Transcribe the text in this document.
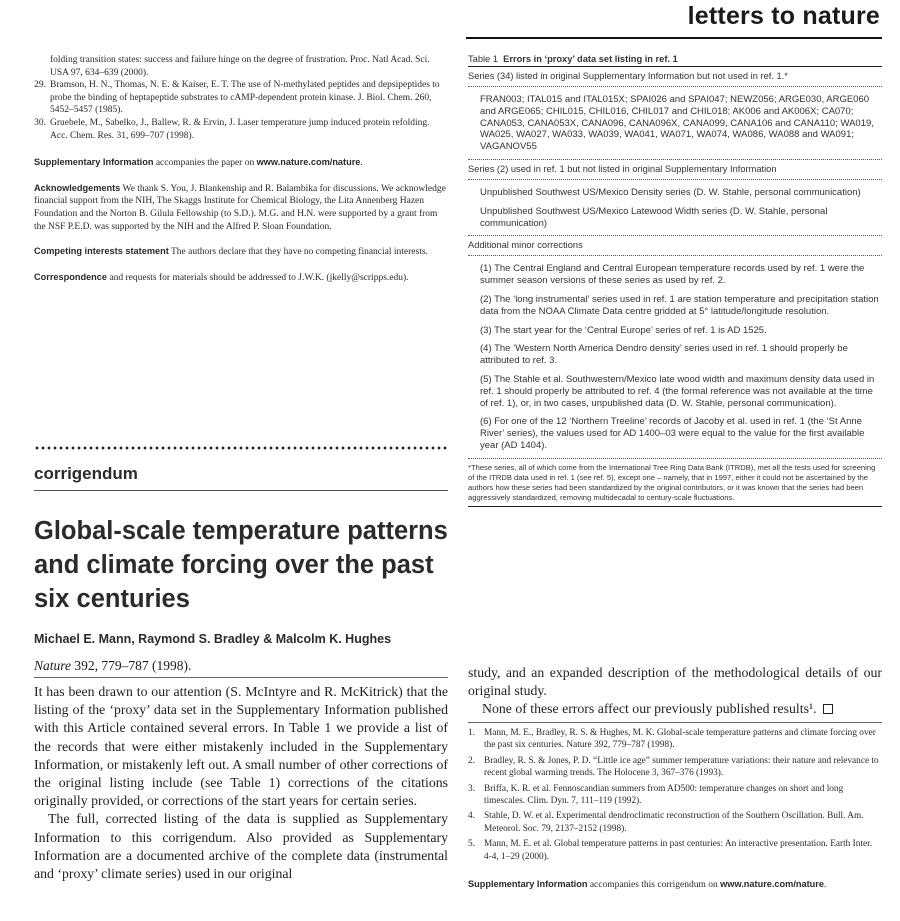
letters to nature
folding transition states: success and failure hinge on the degree of frustration. Proc. Natl Acad. Sci. USA 97, 634–639 (2000).
29. Bramson, H. N., Thomas, N. E. & Kaiser, E. T. The use of N-methylated peptides and depsipeptides to probe the binding of heptapeptide substrates to cAMP-dependent protein kinase. J. Biol. Chem. 260, 5452–5457 (1985).
30. Gruebele, M., Sabelko, J., Ballew, R. & Ervin, J. Laser temperature jump induced protein refolding. Acc. Chem. Res. 31, 699–707 (1998).
Supplementary Information accompanies the paper on www.nature.com/nature.
Acknowledgements We thank S. You, J. Blankenship and R. Balambika for discussions. We acknowledge financial support from the NIH, The Skaggs Institute for Chemical Biology, the Lita Annenberg Hazen Foundation and the Norton B. Gilula Fellowship (to S.D.). M.G. and H.N. were supported by a grant from the NSF P.E.D. was supported by the NIH and the Alfred P. Sloan Foundation.
Competing interests statement The authors declare that they have no competing financial interests.
Correspondence and requests for materials should be addressed to J.W.K. (jkelly@scripps.edu).
corrigendum
Global-scale temperature patterns and climate forcing over the past six centuries
Michael E. Mann, Raymond S. Bradley & Malcolm K. Hughes
Nature 392, 779–787 (1998).

It has been drawn to our attention (S. McIntyre and R. McKitrick) that the listing of the ‘proxy’ data set in the Supplementary Information published with this Article contained several errors. In Table 1 we provide a list of the records that were either mistakenly included in the Supplementary Information, or mistakenly left out. A small number of other corrections of the original listing include (see Table 1) corrections of the citations originally provided, or corrections of the start years for certain series.

The full, corrected listing of the data is supplied as Supplementary Information to this corrigendum. Also provided as Supplementary Information are a documented archive of the complete data (instrumental and ‘proxy’ climate series) used in our original

Table 1 Errors in ‘proxy’ data set listing in ref. 1
Series (34) listed in original Supplementary Information but not used in ref. 1.*
FRAN003; ITAL015 and ITAL015X; SPAI026 and SPAI047; NEWZ056; ARGE030, ARGE060 and ARGE065; CHIL015, CHIL016, CHIL017 and CHIL018; AK006 and AK006X; CA070; CANA053, CANA053X, CANA096, CANA096X, CANA099, CANA106 and CANA110; WA019, WA025, WA027, WA033, WA039, WA041, WA071, WA074, WA086, WA088 and WA091; VAGANOV55
Series (2) used in ref. 1 but not listed in original Supplementary Information
Unpublished Southwest US/Mexico Density series (D. W. Stahle, personal communication)
Unpublished Southwest US/Mexico Latewood Width series (D. W. Stahle, personal communication)
Additional minor corrections
(1) The Central England and Central European temperature records used by ref. 1 were the summer season versions of these series as used by ref. 2.
(2) The ‘long instrumental’ series used in ref. 1 are station temperature and precipitation station data from the NOAA Climate Data centre gridded at 5° latitude/longitude resolution.
(3) The start year for the ‘Central Europe’ series of ref. 1 is AD 1525.
(4) The ‘Western North America Dendro density’ series used in ref. 1 should properly be attributed to ref. 3.
(5) The Stahle et al. Southwestern/Mexico late wood width and maximum density data used in ref. 1 should properly be attributed to ref. 4 (the formal reference was not available at the time of ref. 1), or, in two cases, unpublished data (D. W. Stahle, personal communication).
(6) For one of the 12 ‘Northern Treeline’ records of Jacoby et al. used in ref. 1 (the ‘St Anne River’ series), the values used for AD 1400–03 were equal to the value for the first available year (AD 1404).
*These series, all of which come from the International Tree Ring Data Bank (ITRDB), met all the tests used for screening of the ITRDB data used in ref. 1 (see ref. 5), except one – namely, that in 1997, either it could not be ascertained by the authors how these series had been standardized by the original contributors, or it was known that the series had been aggressively standardized, removing multidecadal to century-scale fluctuations.

study, and an expanded description of the methodological details of our original study.

None of these errors affect our previously published results¹.

1. Mann, M. E., Bradley, R. S. & Hughes, M. K. Global-scale temperature patterns and climate forcing over the past six centuries. Nature 392, 779–787 (1998).
2. Bradley, R. S. & Jones, P. D. “Little ice age” summer temperature variations: their nature and relevance to recent global warming trends. The Holocene 3, 367–376 (1993).
3. Briffa, K. R. et al. Fennoscandian summers from AD500: temperature changes on short and long timescales. Clim. Dyn. 7, 111–119 (1992).
4. Stahle, D. W. et al. Experimental dendroclimatic reconstruction of the Southern Oscillation. Bull. Am. Meteorol. Soc. 79, 2137–2152 (1998).
5. Mann, M. E. et al. Global temperature patterns in past centuries: An interactive presentation. Earth Inter. 4-4, 1–29 (2000).
Supplementary Information accompanies this corrigendum on www.nature.com/nature.
